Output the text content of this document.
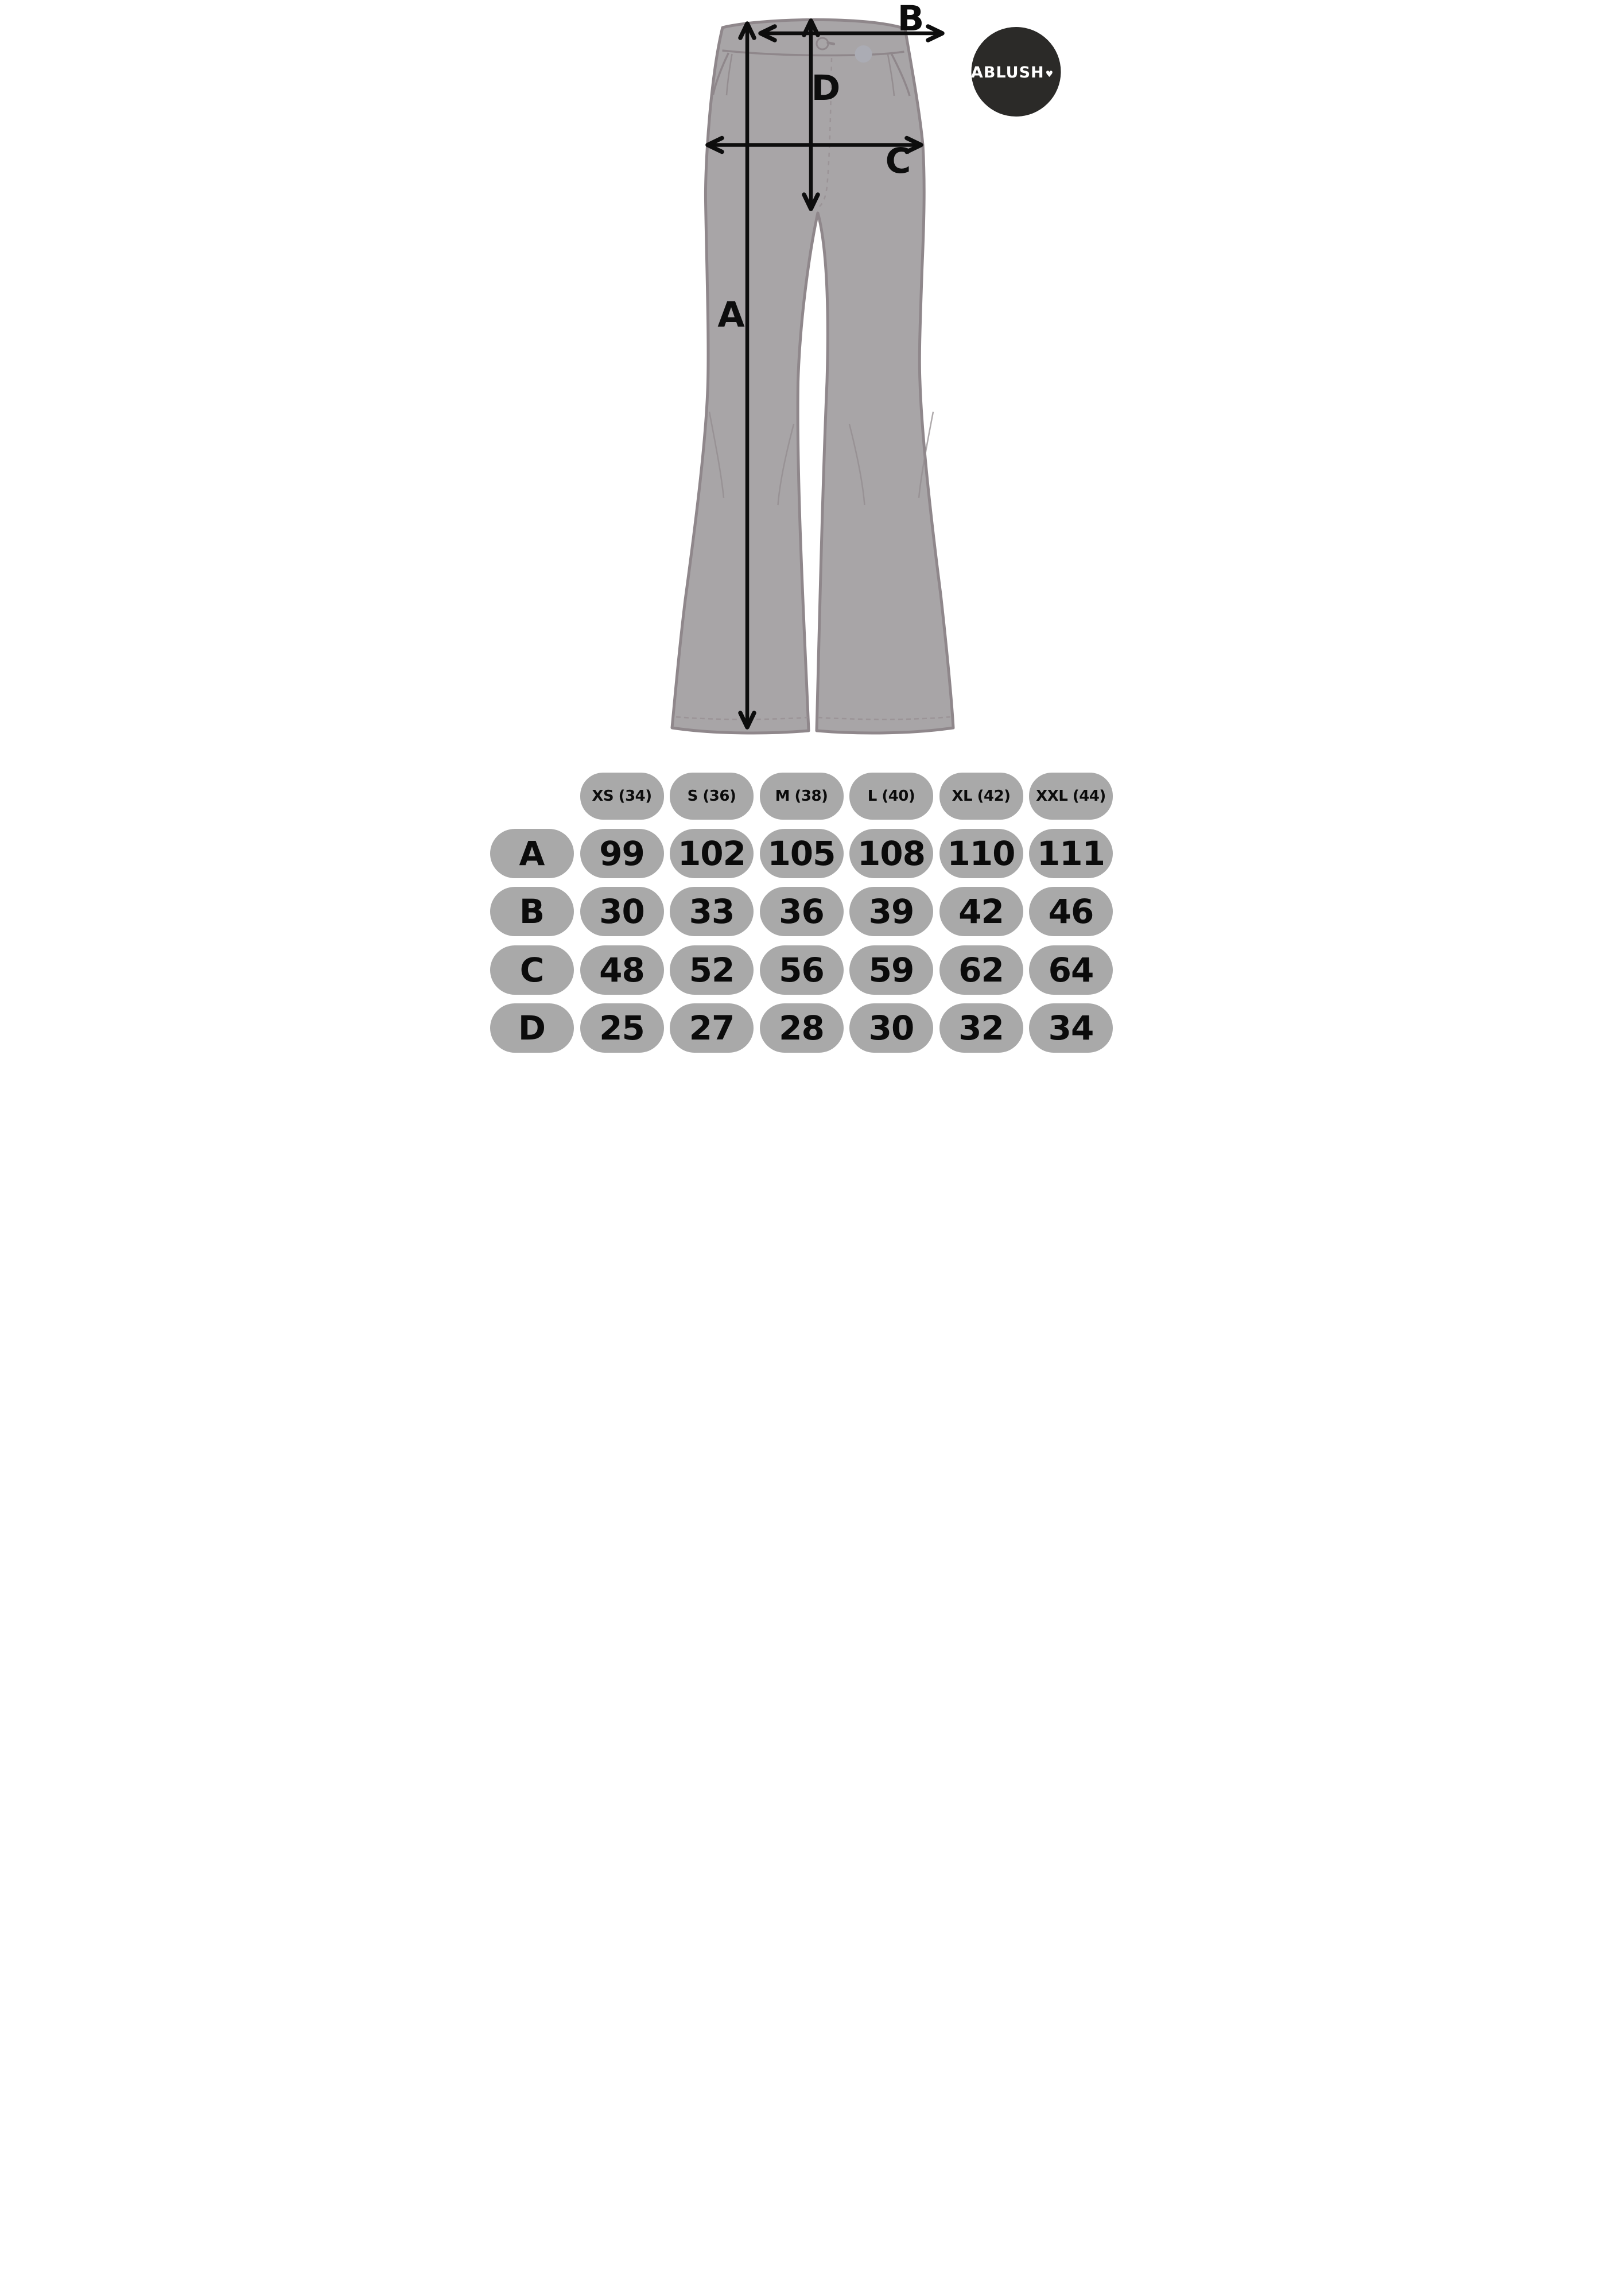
A
B
C
D	ABLUSH♥
XS (34)	S (36)	M (38)	L (40)	XL (42)	XXL (44)
A	99	102 105 108 110 111
B	30	33	36	39	42	46
C	48	52	56	59	62	64
D	25	27	28	30	32	34
